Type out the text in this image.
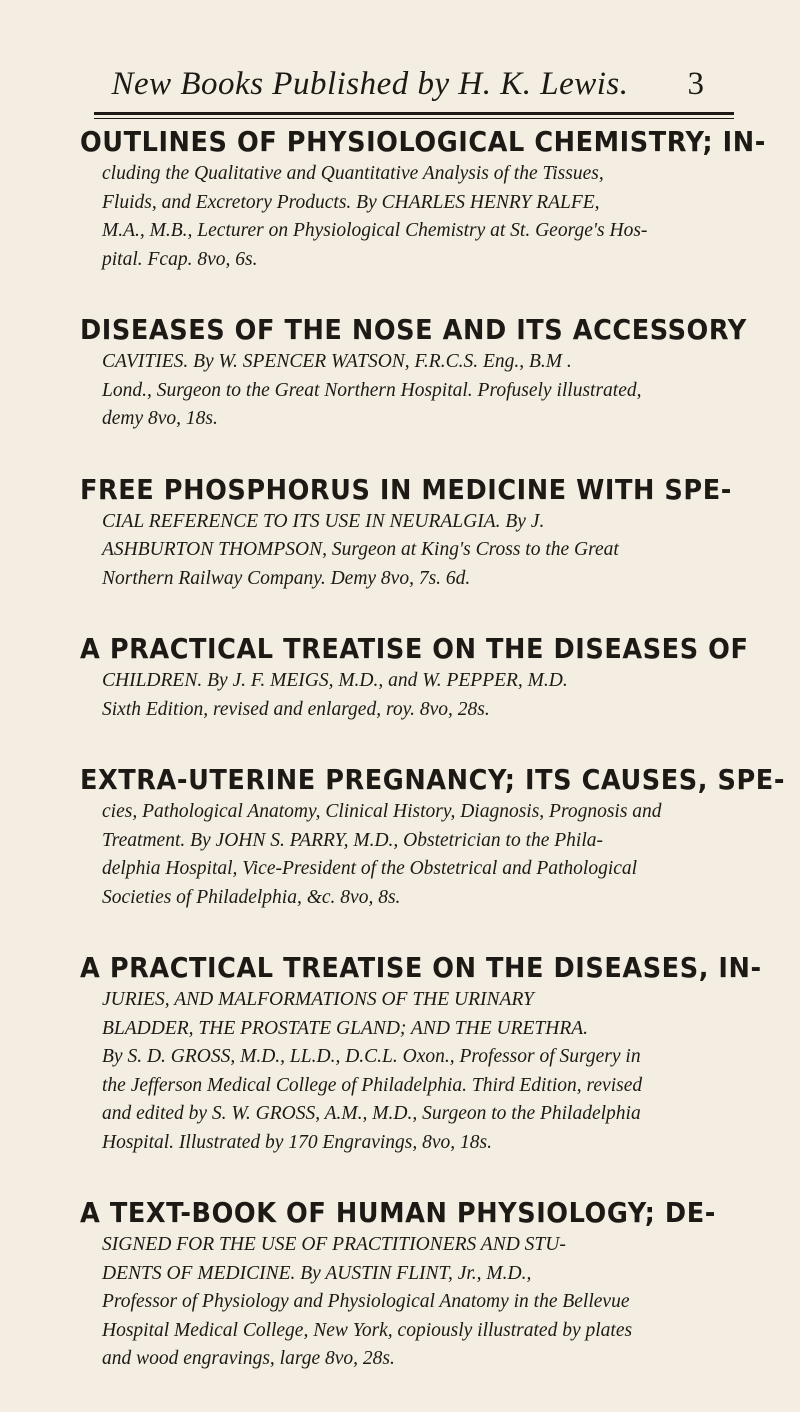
New Books Published by H. K. Lewis.	3
OUTLINES OF PHYSIOLOGICAL CHEMISTRY; IN-
cluding the Qualitative and Quantitative Analysis of the Tissues,
Fluids, and Excretory Products. By CHARLES HENRY RALFE,
M.A., M.B., Lecturer on Physiological Chemistry at St. George's Hos-
pital. Fcap. 8vo, 6s.
DISEASES OF THE NOSE AND ITS ACCESSORY
CAVITIES. By W. SPENCER WATSON, F.R.C.S. Eng., B.M .
Lond., Surgeon to the Great Northern Hospital. Profusely illustrated,
demy 8vo, 18s.
FREE PHOSPHORUS IN MEDICINE WITH SPE-
CIAL REFERENCE TO ITS USE IN NEURALGIA. By J.
ASHBURTON THOMPSON, Surgeon at King's Cross to the Great
Northern Railway Company. Demy 8vo, 7s. 6d.
A PRACTICAL TREATISE ON THE DISEASES OF
CHILDREN. By J. F. MEIGS, M.D., and W. PEPPER, M.D.
Sixth Edition, revised and enlarged, roy. 8vo, 28s.
EXTRA-UTERINE PREGNANCY; ITS CAUSES, SPE-
cies, Pathological Anatomy, Clinical History, Diagnosis, Prognosis and
Treatment. By JOHN S. PARRY, M.D., Obstetrician to the Phila-
delphia Hospital, Vice-President of the Obstetrical and Pathological
Societies of Philadelphia, &c. 8vo, 8s.
A PRACTICAL TREATISE ON THE DISEASES, IN-
JURIES, AND MALFORMATIONS OF THE URINARY
BLADDER, THE PROSTATE GLAND; AND THE URETHRA.
By S. D. GROSS, M.D., LL.D., D.C.L. Oxon., Professor of Surgery in
the Jefferson Medical College of Philadelphia. Third Edition, revised
and edited by S. W. GROSS, A.M., M.D., Surgeon to the Philadelphia
Hospital. Illustrated by 170 Engravings, 8vo, 18s.
A TEXT-BOOK OF HUMAN PHYSIOLOGY; DE-
SIGNED FOR THE USE OF PRACTITIONERS AND STU-
DENTS OF MEDICINE. By AUSTIN FLINT, Jr., M.D.,
Professor of Physiology and Physiological Anatomy in the Bellevue
Hospital Medical College, New York, copiously illustrated by plates
and wood engravings, large 8vo, 28s.
